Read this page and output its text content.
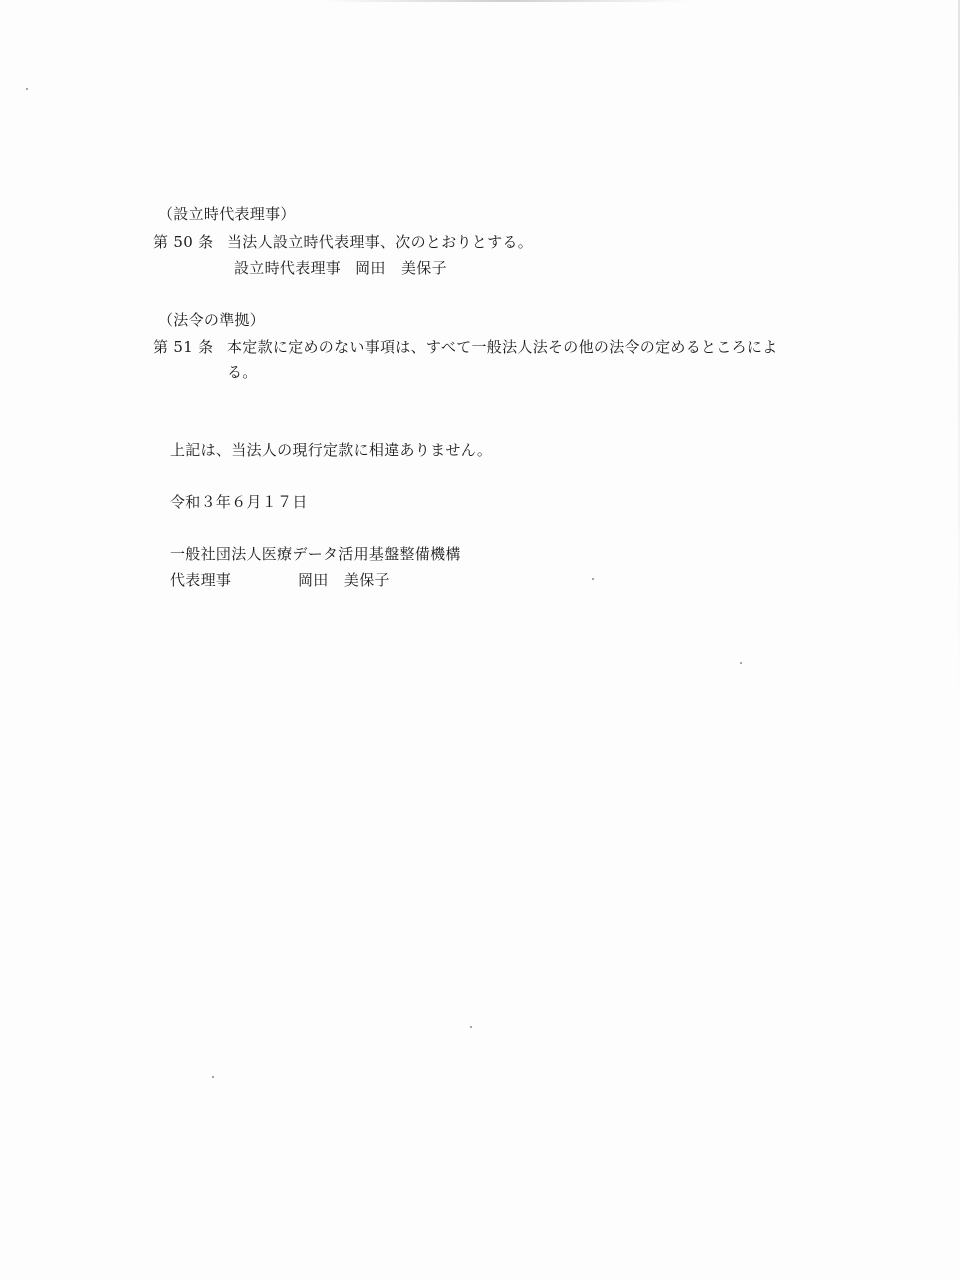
（設立時代表理事）
第 50 条 当法人設立時代表理事、次のとおりとする。
設立時代表理事 岡田　美保子
（法令の準拠）
第 51 条 本定款に定めのない事項は、すべて一般法人法その他の法令の定めるところによ
る。
上記は、当法人の現行定款に相違ありません。
令和３年６月１７日
一般社団法人医療データ活用基盤整備機構
代表理事	岡田　美保子
